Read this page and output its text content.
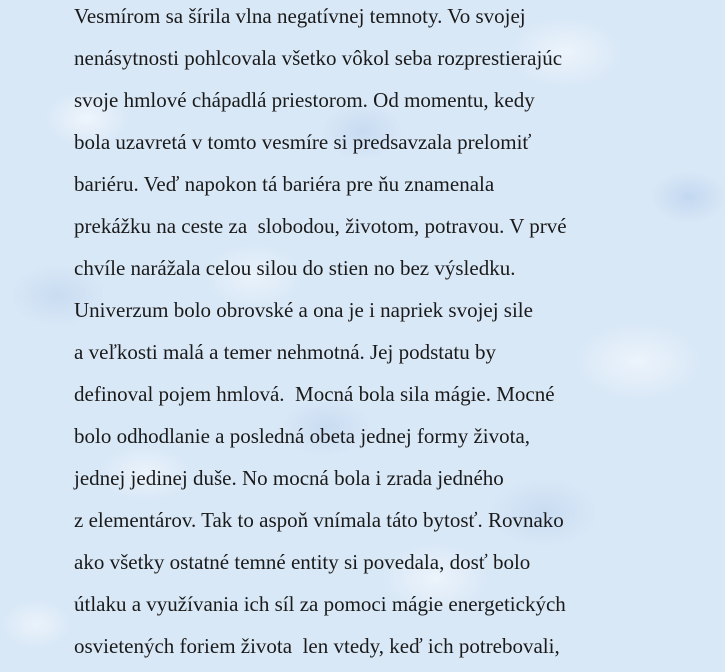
Vesmírom sa šírila vlna negatívnej temnoty. Vo svojej
nenásytnosti pohlcovala všetko vôkol seba rozprestierajúc
svoje hmlové chápadlá priestorom. Od momentu, kedy
bola uzavretá v tomto vesmíre si predsavzala prelomiť
bariéru. Veď napokon tá bariéra pre ňu znamenala
prekážku na ceste za  slobodou, životom, potravou. V prvé
chvíle narážala celou silou do stien no bez výsledku.
Univerzum bolo obrovské a ona je i napriek svojej sile
a veľkosti malá a temer nehmotná. Jej podstatu by
definoval pojem hmlová.  Mocná bola sila mágie. Mocné
bolo odhodlanie a posledná obeta jednej formy života,
jednej jedinej duše. No mocná bola i zrada jedného
z elementárov. Tak to aspoň vnímala táto bytosť. Rovnako
ako všetky ostatné temné entity si povedala, dosť bolo
útlaku a využívania ich síl za pomoci mágie energetických
osvietených foriem života  len vtedy, keď ich potrebovali,
